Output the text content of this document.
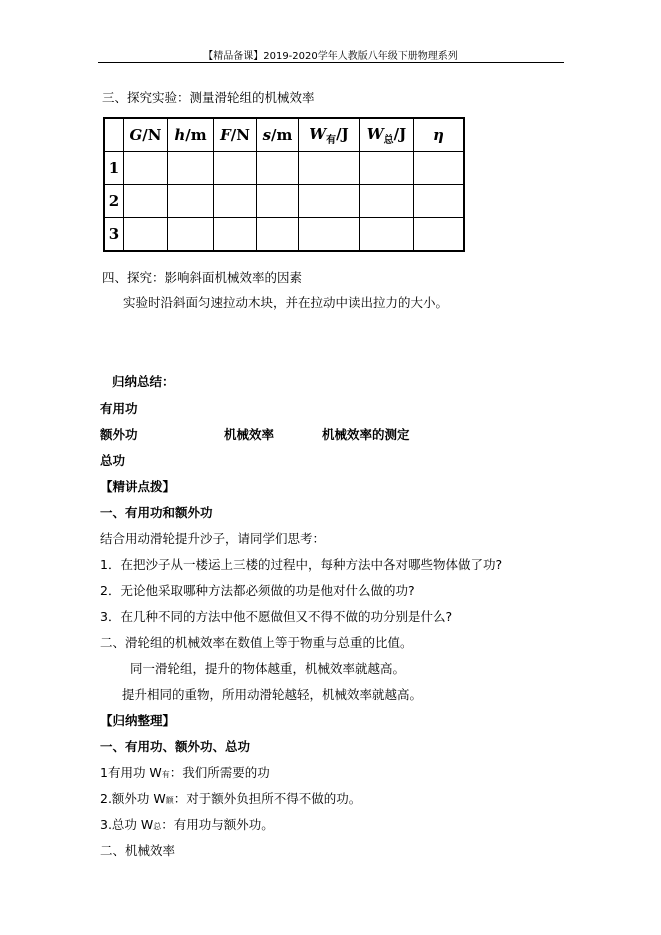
【精品备课】2019-2020学年人教版八年级下册物理系列
三、探究实验：测量滑轮组的机械效率
	G/N	h/m	F/N	s/m	$W_有/J$	$W_总/J$	η
1							
2							
3							
四、探究：影响斜面机械效率的因素
实验时沿斜面匀速拉动木块，并在拉动中读出拉力的大小。
归纳总结：
有用功
额外功	机械效率	机械效率的测定
总功
【精讲点拨】
一、有用功和额外功
结合用动滑轮提升沙子，请同学们思考：
1．在把沙子从一楼运上三楼的过程中，每种方法中各对哪些物体做了功?
2．无论他采取哪种方法都必须做的功是他对什么做的功?
3．在几种不同的方法中他不愿做但又不得不做的功分别是什么?
二、滑轮组的机械效率在数值上等于物重与总重的比值。
同一滑轮组，提升的物体越重，机械效率就越高。
提升相同的重物，所用动滑轮越轻，机械效率就越高。
【归纳整理】
一、有用功、额外功、总功
1有用功 W有：我们所需要的功
2.额外功 W额：对于额外负担所不得不做的功。
3.总功 W总：有用功与额外功。
二、机械效率
